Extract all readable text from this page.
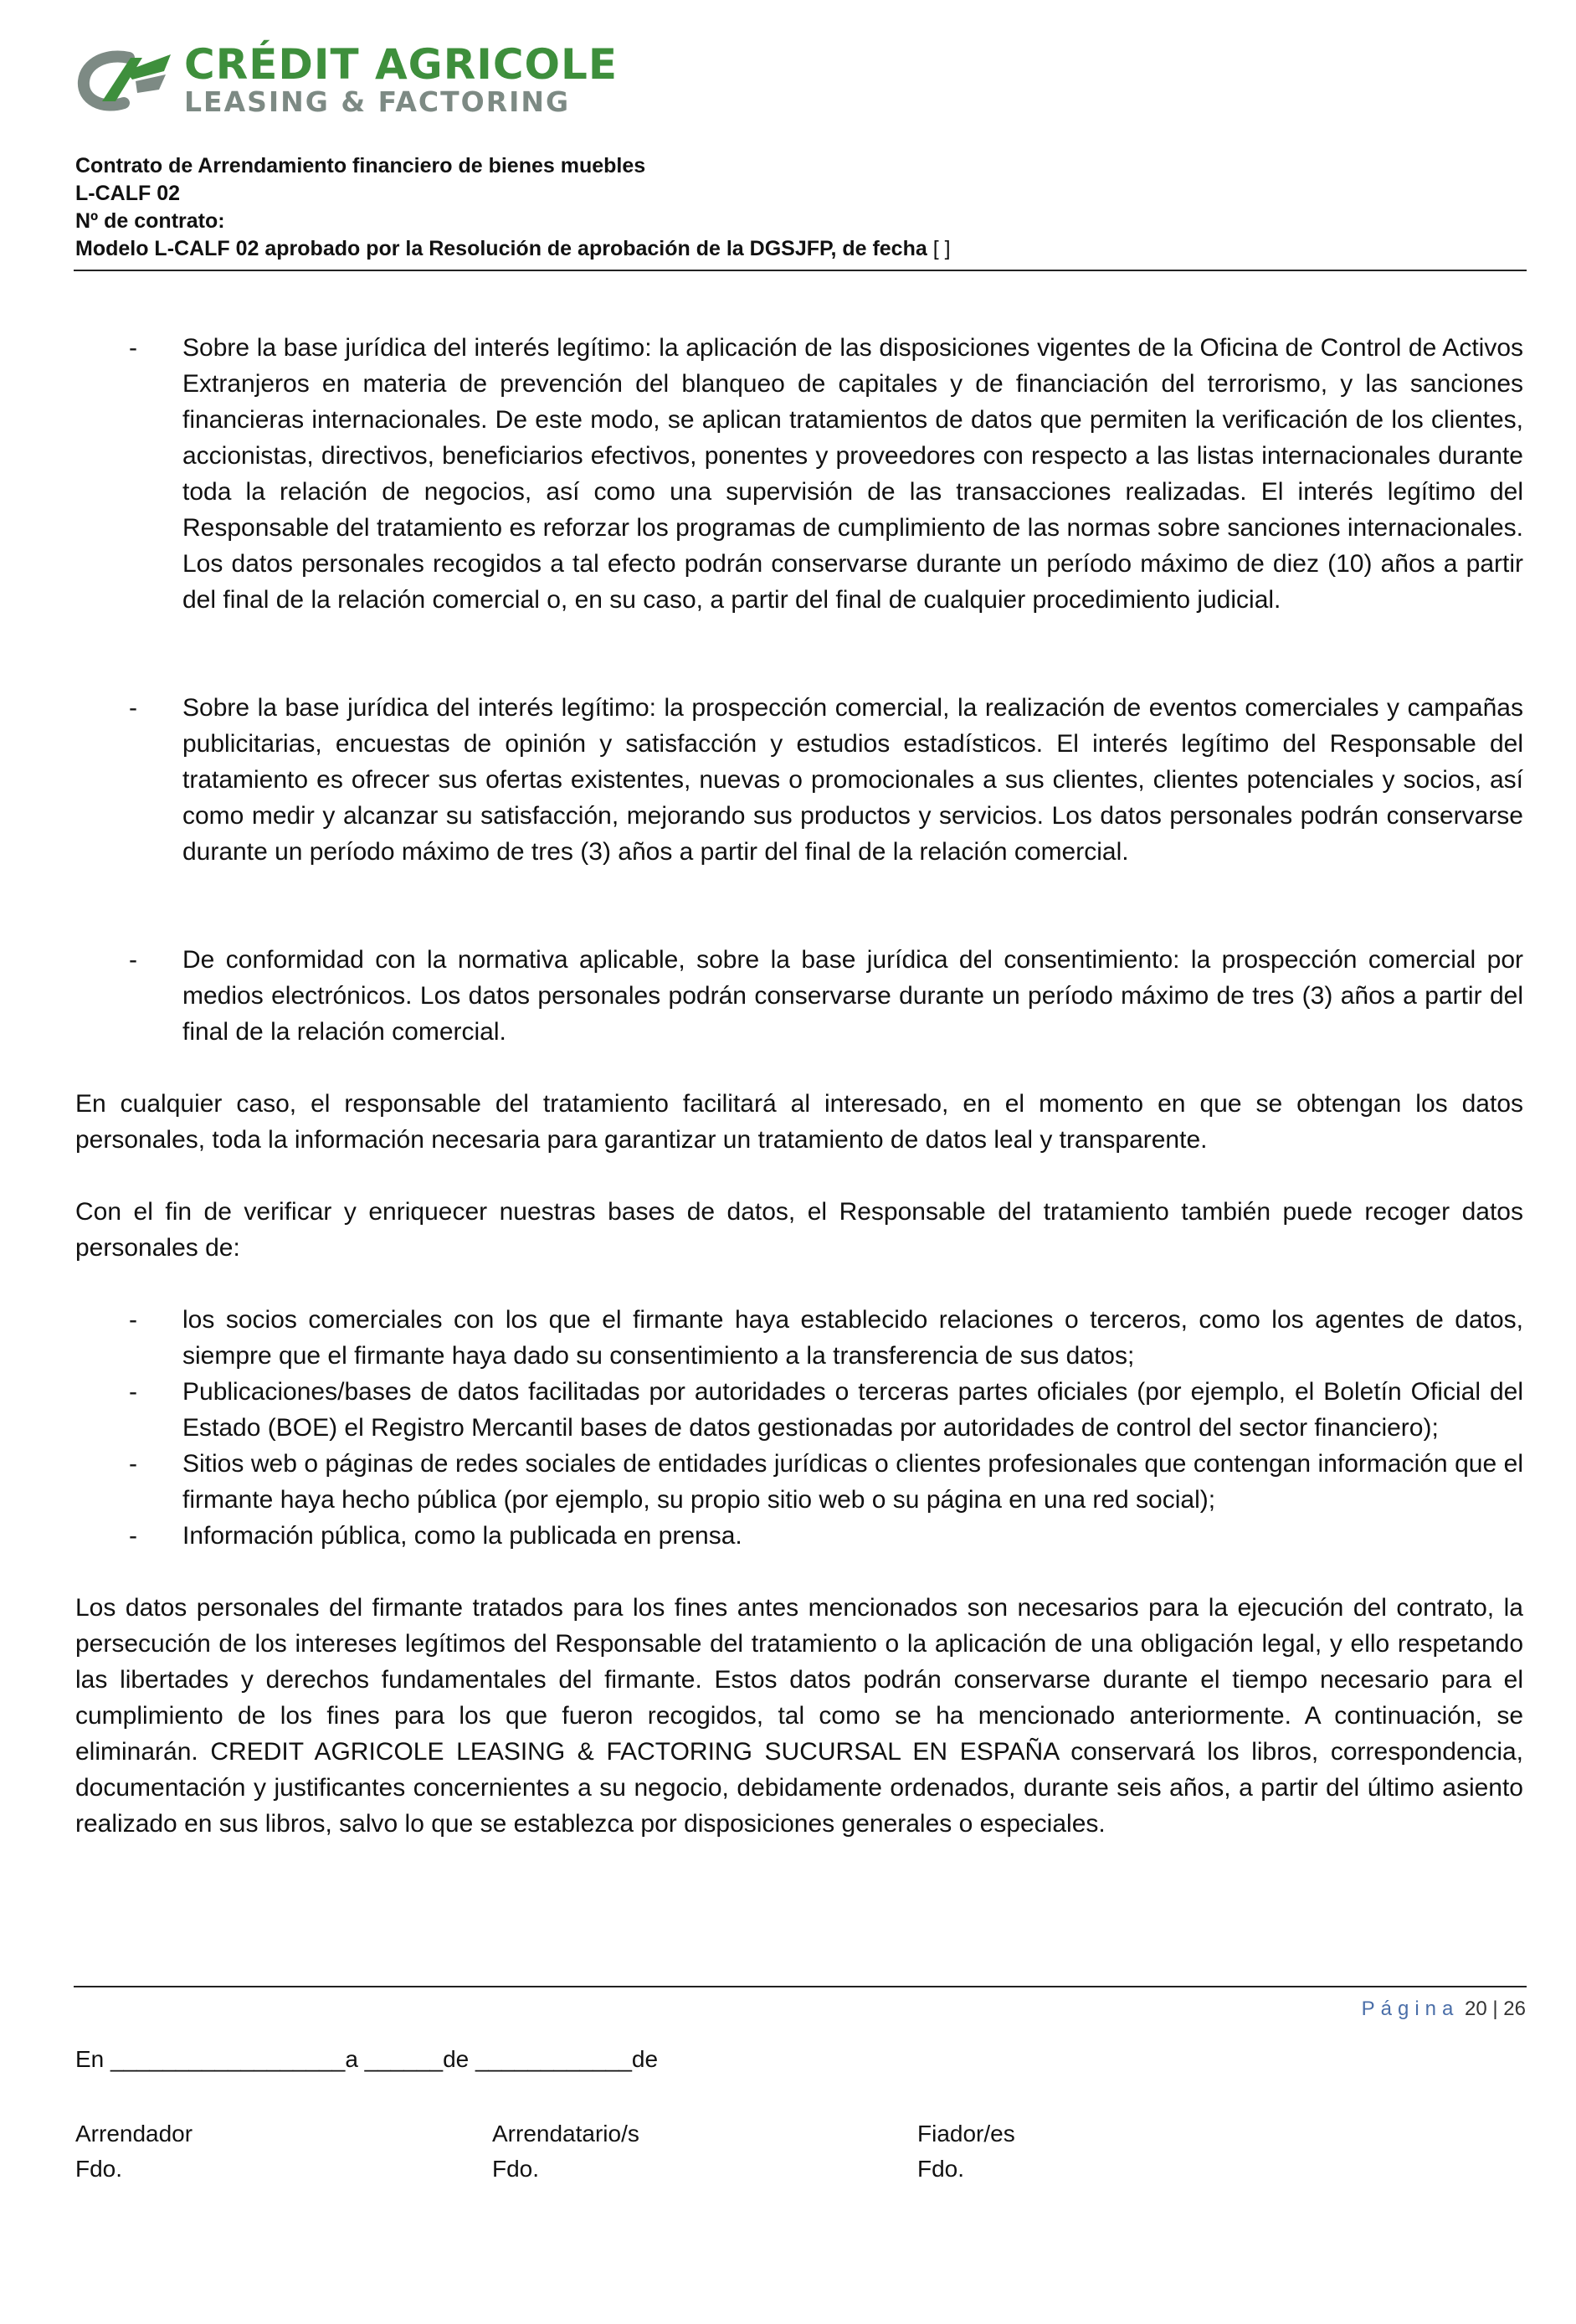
CRÉDIT AGRICOLE
LEASING & FACTORING
Contrato de Arrendamiento financiero de bienes muebles
L-CALF 02
Nº de contrato:
Modelo L-CALF 02 aprobado por la Resolución de aprobación de la DGSJFP, de fecha [ ]
-	Sobre la base jurídica del interés legítimo: la aplicación de las disposiciones vigentes de la Oficina de Control de Activos Extranjeros en materia de prevención del blanqueo de capitales y de financiación del terrorismo, y las sanciones financieras internacionales. De este modo, se aplican tratamientos de datos que permiten la verificación de los clientes, accionistas, directivos, beneficiarios efectivos, ponentes y proveedores con respecto a las listas internacionales durante toda la relación de negocios, así como una supervisión de las transacciones realizadas. El interés legítimo del Responsable del tratamiento es reforzar los programas de cumplimiento de las normas sobre sanciones internacionales. Los datos personales recogidos a tal efecto podrán conservarse durante un período máximo de diez (10) años a partir del final de la relación comercial o, en su caso, a partir del final de cualquier procedimiento judicial.
-	Sobre la base jurídica del interés legítimo: la prospección comercial, la realización de eventos comerciales y campañas publicitarias, encuestas de opinión y satisfacción y estudios estadísticos. El interés legítimo del Responsable del tratamiento es ofrecer sus ofertas existentes, nuevas o promocionales a sus clientes, clientes potenciales y socios, así como medir y alcanzar su satisfacción, mejorando sus productos y servicios. Los datos personales podrán conservarse durante un período máximo de tres (3) años a partir del final de la relación comercial.
-	De conformidad con la normativa aplicable, sobre la base jurídica del consentimiento: la prospección comercial por medios electrónicos. Los datos personales podrán conservarse durante un período máximo de tres (3) años a partir del final de la relación comercial.

En cualquier caso, el responsable del tratamiento facilitará al interesado, en el momento en que se obtengan los datos personales, toda la información necesaria para garantizar un tratamiento de datos leal y transparente.

Con el fin de verificar y enriquecer nuestras bases de datos, el Responsable del tratamiento también puede recoger datos personales de:

-	los socios comerciales con los que el firmante haya establecido relaciones o terceros, como los agentes de datos, siempre que el firmante haya dado su consentimiento a la transferencia de sus datos;
-	Publicaciones/bases de datos facilitadas por autoridades o terceras partes oficiales (por ejemplo, el Boletín Oficial del Estado (BOE) el Registro Mercantil bases de datos gestionadas por autoridades de control del sector financiero);
-	Sitios web o páginas de redes sociales de entidades jurídicas o clientes profesionales que contengan información que el firmante haya hecho pública (por ejemplo, su propio sitio web o su página en una red social);
-	Información pública, como la publicada en prensa.

Los datos personales del firmante tratados para los fines antes mencionados son necesarios para la ejecución del contrato, la persecución de los intereses legítimos del Responsable del tratamiento o la aplicación de una obligación legal, y ello respetando las libertades y derechos fundamentales del firmante. Estos datos podrán conservarse durante el tiempo necesario para el cumplimiento de los fines para los que fueron recogidos, tal como se ha mencionado anteriormente. A continuación, se eliminarán. CREDIT AGRICOLE LEASING & FACTORING SUCURSAL EN ESPAÑA conservará los libros, correspondencia, documentación y justificantes concernientes a su negocio, debidamente ordenados, durante seis años, a partir del último asiento realizado en sus libros, salvo lo que se establezca por disposiciones generales o especiales.

Página 20 | 26
En __________________a ______de ____________de
Arrendador
Fdo.
Arrendatario/s
Fdo.
Fiador/es
Fdo.
